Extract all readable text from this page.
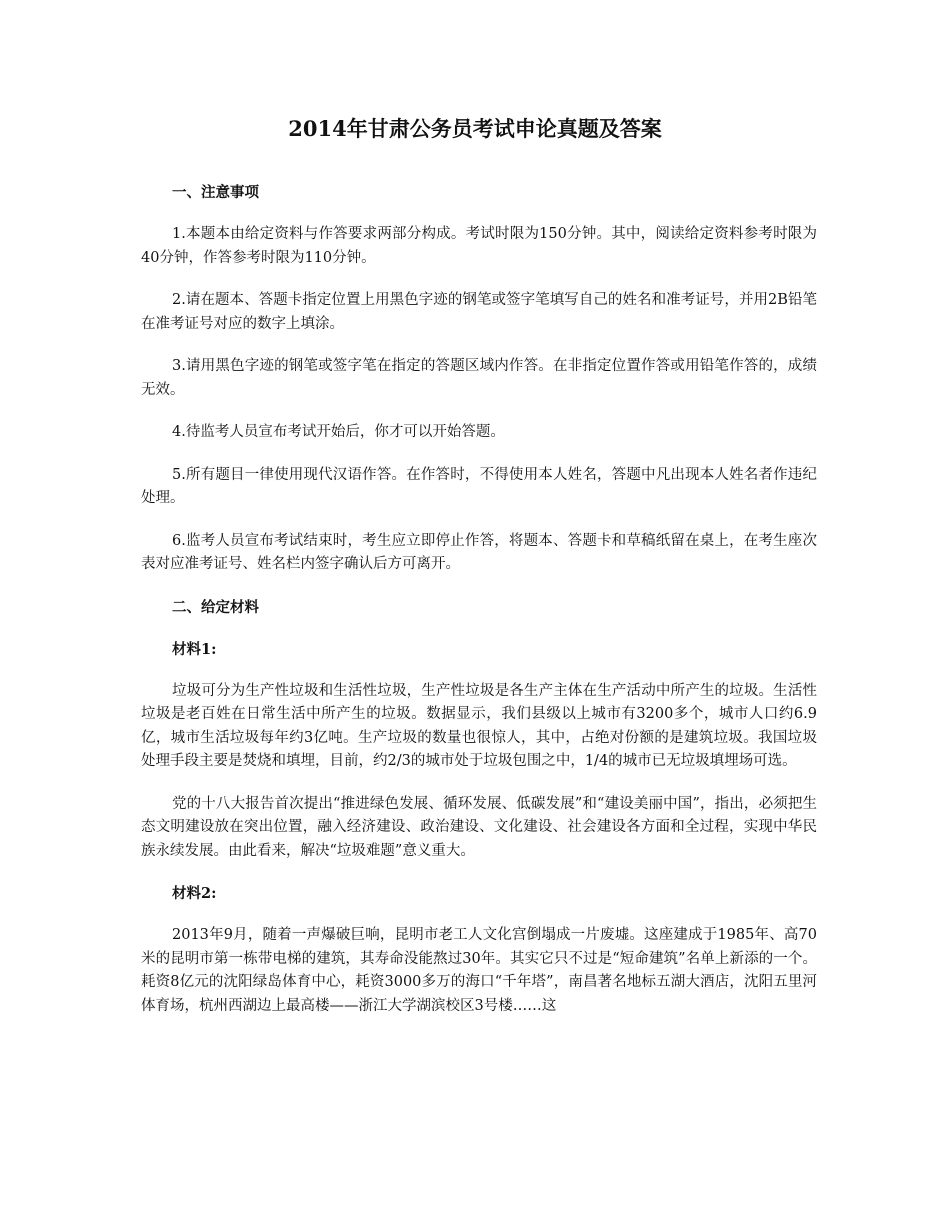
2014年甘肃公务员考试申论真题及答案

一、注意事项

1.本题本由给定资料与作答要求两部分构成。考试时限为150分钟。其中，阅读给定资料参考时限为40分钟，作答参考时限为110分钟。

2.请在题本、答题卡指定位置上用黑色字迹的钢笔或签字笔填写自己的姓名和准考证号，并用2B铅笔在准考证号对应的数字上填涂。

3.请用黑色字迹的钢笔或签字笔在指定的答题区域内作答。在非指定位置作答或用铅笔作答的，成绩无效。

4.待监考人员宣布考试开始后，你才可以开始答题。

5.所有题目一律使用现代汉语作答。在作答时，不得使用本人姓名，答题中凡出现本人姓名者作违纪处理。

6.监考人员宣布考试结束时，考生应立即停止作答，将题本、答题卡和草稿纸留在桌上，在考生座次表对应准考证号、姓名栏内签字确认后方可离开。

二、给定材料

材料1:

垃圾可分为生产性垃圾和生活性垃圾，生产性垃圾是各生产主体在生产活动中所产生的垃圾。生活性垃圾是老百姓在日常生活中所产生的垃圾。数据显示，我们县级以上城市有3200多个，城市人口约6.9亿，城市生活垃圾每年约3亿吨。生产垃圾的数量也很惊人，其中，占绝对份额的是建筑垃圾。我国垃圾处理手段主要是焚烧和填埋，目前，约2/3的城市处于垃圾包围之中，1/4的城市已无垃圾填埋场可选。

党的十八大报告首次提出“推进绿色发展、循环发展、低碳发展”和“建设美丽中国”，指出，必须把生态文明建设放在突出位置，融入经济建设、政治建设、文化建设、社会建设各方面和全过程，实现中华民族永续发展。由此看来，解决“垃圾难题”意义重大。

材料2:

2013年9月，随着一声爆破巨响，昆明市老工人文化宫倒塌成一片废墟。这座建成于1985年、高70米的昆明市第一栋带电梯的建筑，其寿命没能熬过30年。其实它只不过是“短命建筑”名单上新添的一个。耗资8亿元的沈阳绿岛体育中心，耗资3000多万的海口“千年塔”，南昌著名地标五湖大酒店，沈阳五里河体育场，杭州西湖边上最高楼——浙江大学湖滨校区3号楼……这
